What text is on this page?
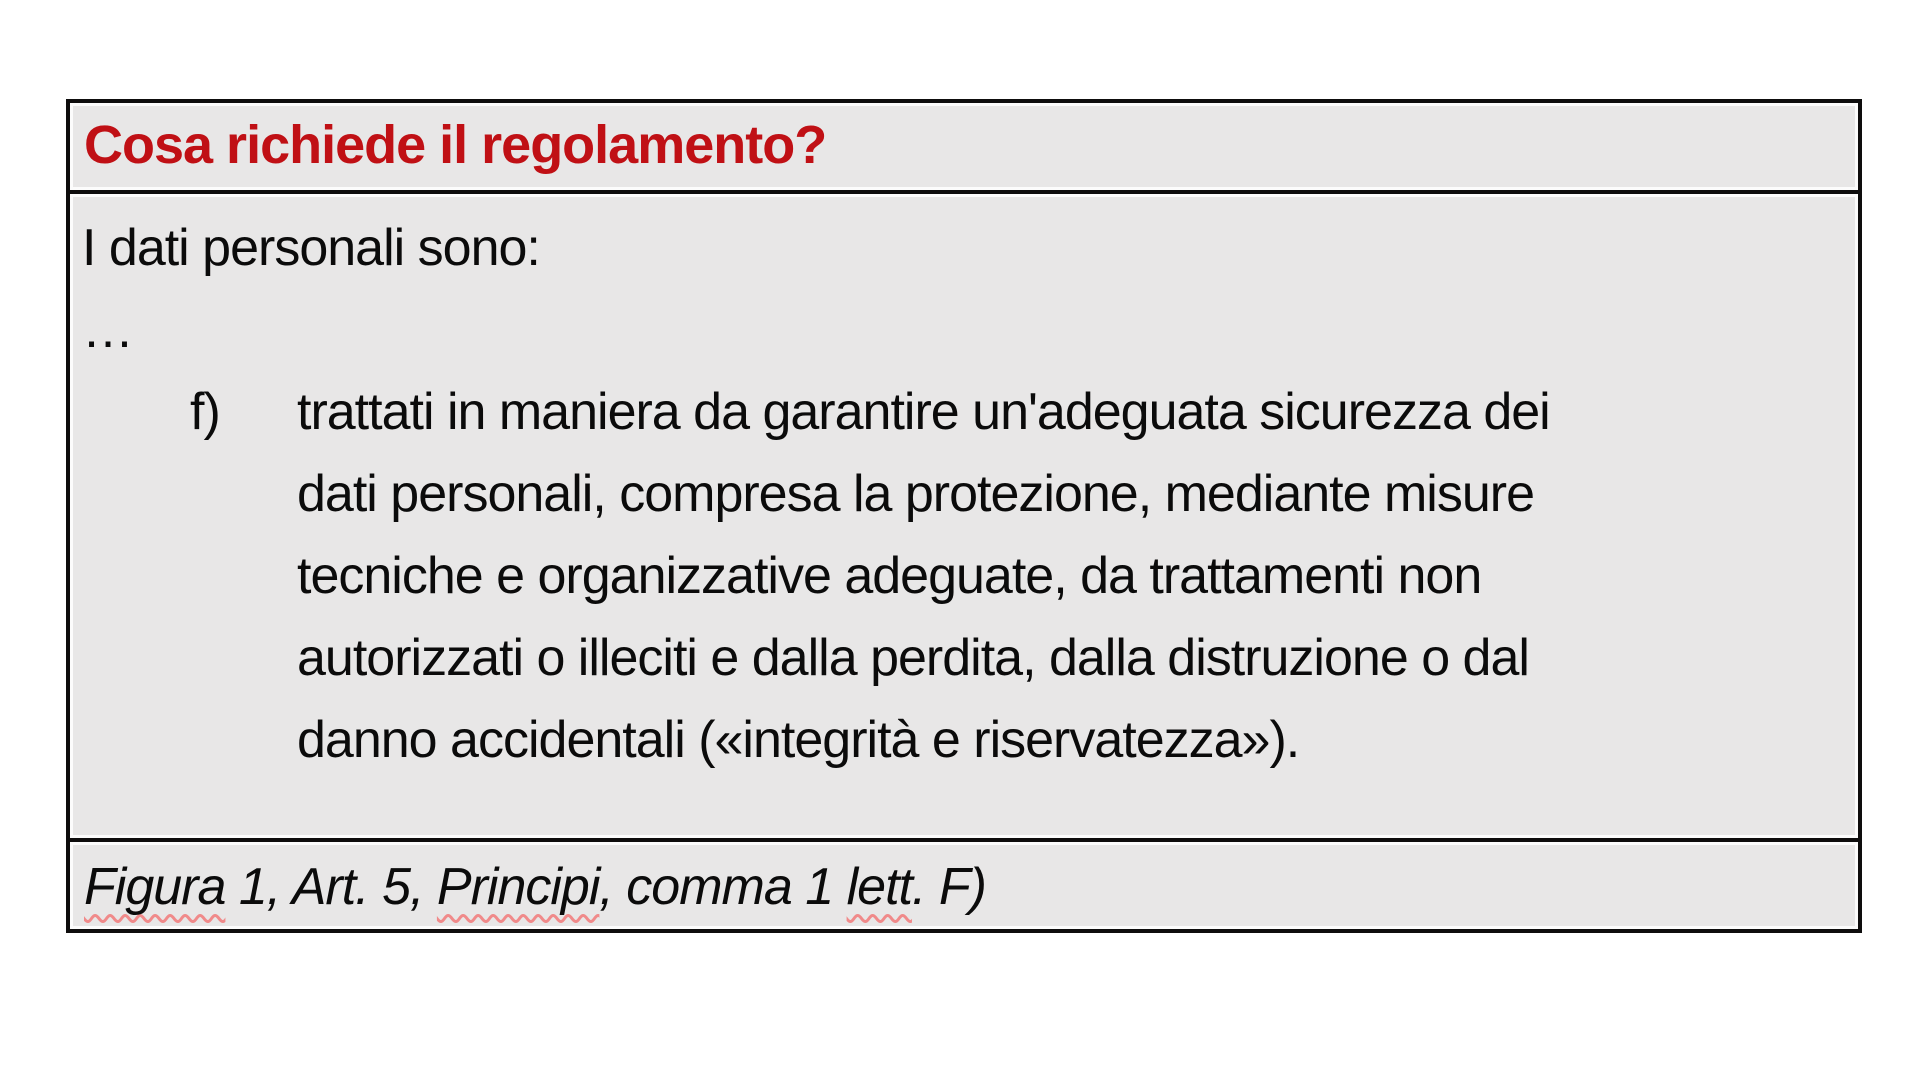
Cosa richiede il regolamento?
I dati personali sono:
…
f)	trattati in maniera da garantire un'adeguata sicurezza dei
dati personali, compresa la protezione, mediante misure
tecniche e organizzative adeguate, da trattamenti non
autorizzati o illeciti e dalla perdita, dalla distruzione o dal
danno accidentali («integrità e riservatezza»).
Figura 1, Art. 5, Principi, comma 1 lett. F)
